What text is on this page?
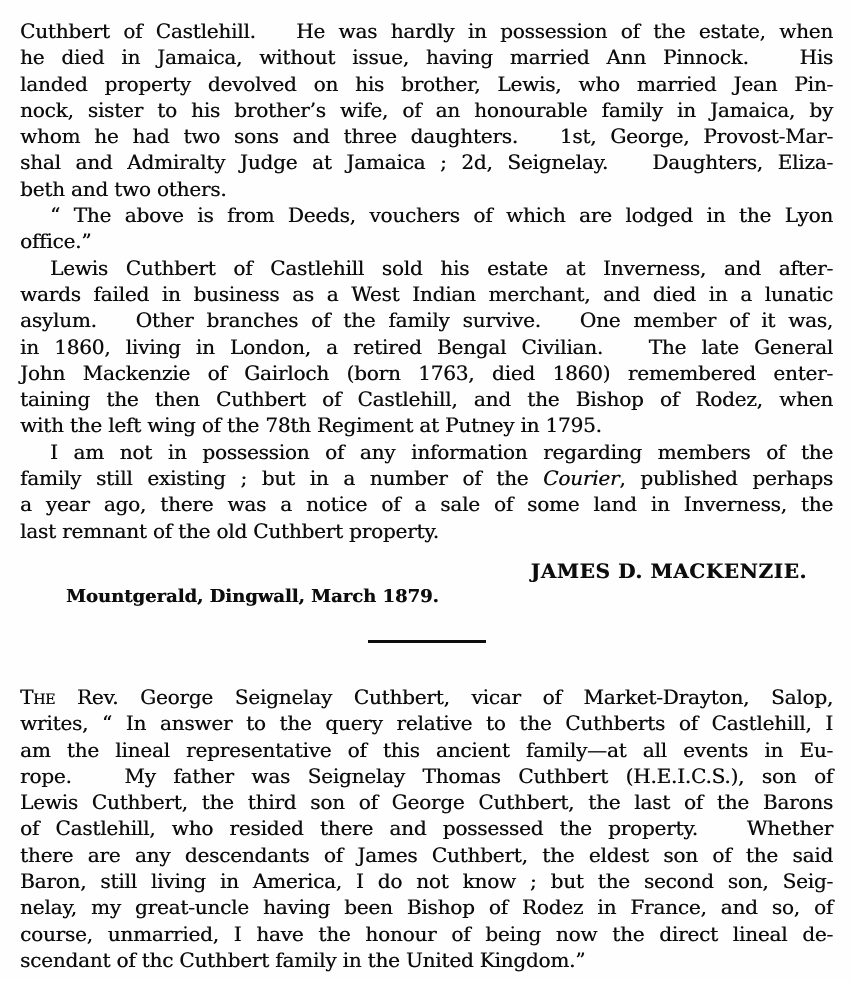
Cuthbert of Castlehill.   He was hardly in possession of the estate, when
he died in Jamaica, without issue, having married Ann Pinnock.   His
landed property devolved on his brother, Lewis, who married Jean Pin-
nock, sister to his brother’s wife, of an honourable family in Jamaica, by
whom he had two sons and three daughters.   1st, George, Provost-Mar-
shal and Admiralty Judge at Jamaica ; 2d, Seignelay.   Daughters, Eliza-
beth and two others.
“ The above is from Deeds, vouchers of which are lodged in the Lyon
office.”
Lewis Cuthbert of Castlehill sold his estate at Inverness, and after-
wards failed in business as a West Indian merchant, and died in a lunatic
asylum.   Other branches of the family survive.   One member of it was,
in 1860, living in London, a retired Bengal Civilian.   The late General
John Mackenzie of Gairloch (born 1763, died 1860) remembered enter-
taining the then Cuthbert of Castlehill, and the Bishop of Rodez, when
with the left wing of the 78th Regiment at Putney in 1795.
I am not in possession of any information regarding members of the
family still existing ; but in a number of the Courier, published perhaps
a year ago, there was a notice of a sale of some land in Inverness, the
last remnant of the old Cuthbert property.
JAMES D. MACKENZIE.
Mountgerald, Dingwall, March 1879.
The Rev. George Seignelay Cuthbert, vicar of Market-Drayton, Salop,
writes, “ In answer to the query relative to the Cuthberts of Castlehill, I
am the lineal representative of this ancient family—at all events in Eu-
rope.   My father was Seignelay Thomas Cuthbert (H.E.I.C.S.), son of
Lewis Cuthbert, the third son of George Cuthbert, the last of the Barons
of Castlehill, who resided there and possessed the property.   Whether
there are any descendants of James Cuthbert, the eldest son of the said
Baron, still living in America, I do not know ; but the second son, Seig-
nelay, my great-uncle having been Bishop of Rodez in France, and so, of
course, unmarried, I have the honour of being now the direct lineal de-
scendant of thc Cuthbert family in the United Kingdom.”
